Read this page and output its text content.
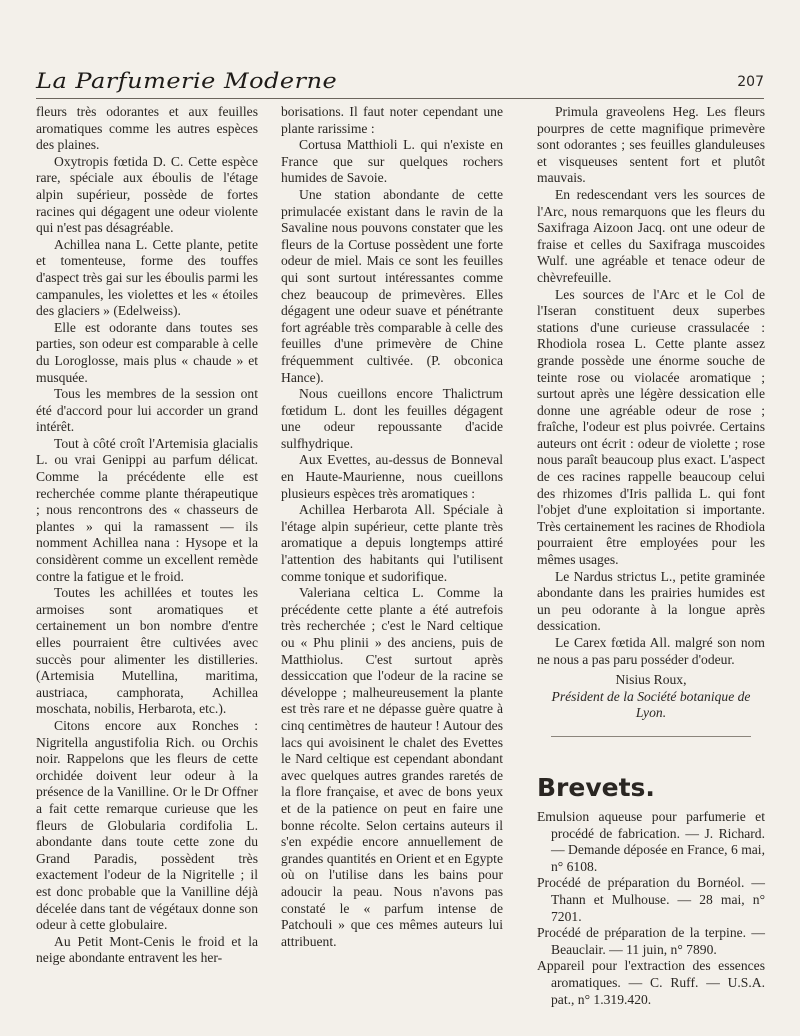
La Parfumerie Moderne	207

fleurs très odorantes et aux feuilles aromatiques comme les autres espèces des plaines.

Oxytropis fœtida D. C. Cette espèce rare, spéciale aux éboulis de l'étage alpin supérieur, possède de fortes racines qui dégagent une odeur violente qui n'est pas désagréable.

Achillea nana L. Cette plante, petite et tomenteuse, forme des touffes d'aspect très gai sur les éboulis parmi les campanules, les violettes et les « étoiles des glaciers » (Edelweiss).

Elle est odorante dans toutes ses parties, son odeur est comparable à celle du Loroglosse, mais plus « chaude » et musquée.

Tous les membres de la session ont été d'accord pour lui accorder un grand intérêt.

Tout à côté croît l'Artemisia glacialis L. ou vrai Genippi au parfum délicat. Comme la précédente elle est recherchée comme plante thérapeutique ; nous rencontrons des « chasseurs de plantes » qui la ramassent — ils nomment Achillea nana : Hysope et la considèrent comme un excellent remède contre la fatigue et le froid.

Toutes les achillées et toutes les armoises sont aromatiques et certainement un bon nombre d'entre elles pourraient être cultivées avec succès pour alimenter les distilleries. (Artemisia Mutellina, maritima, austriaca, camphorata, Achillea moschata, nobilis, Herbarota, etc.).

Citons encore aux Ronches : Nigritella angustifolia Rich. ou Orchis noir. Rappelons que les fleurs de cette orchidée doivent leur odeur à la présence de la Vanilline. Or le Dr Offner a fait cette remarque curieuse que les fleurs de Globularia cordifolia L. abondante dans toute cette zone du Grand Paradis, possèdent très exactement l'odeur de la Nigritelle ; il est donc probable que la Vanilline déjà décelée dans tant de végétaux donne son odeur à cette globulaire.

Au Petit Mont-Cenis le froid et la neige abondante entravent les her-

borisations. Il faut noter cependant une plante rarissime :

Cortusa Matthioli L. qui n'existe en France que sur quelques rochers humides de Savoie.

Une station abondante de cette primulacée existant dans le ravin de la Savaline nous pouvons constater que les fleurs de la Cortuse possèdent une forte odeur de miel. Mais ce sont les feuilles qui sont surtout intéressantes comme chez beaucoup de primevères. Elles dégagent une odeur suave et pénétrante fort agréable très comparable à celle des feuilles d'une primevère de Chine fréquemment cultivée. (P. obconica Hance).

Nous cueillons encore Thalictrum fœtidum L. dont les feuilles dégagent une odeur repoussante d'acide sulfhydrique.

Aux Evettes, au-dessus de Bonneval en Haute-Maurienne, nous cueillons plusieurs espèces très aromatiques :

Achillea Herbarota All. Spéciale à l'étage alpin supérieur, cette plante très aromatique a depuis longtemps attiré l'attention des habitants qui l'utilisent comme tonique et sudorifique.

Valeriana celtica L. Comme la précédente cette plante a été autrefois très recherchée ; c'est le Nard celtique ou « Phu plinii » des anciens, puis de Matthiolus. C'est surtout après dessiccation que l'odeur de la racine se développe ; malheureusement la plante est très rare et ne dépasse guère quatre à cinq centimètres de hauteur ! Autour des lacs qui avoisinent le chalet des Evettes le Nard celtique est cependant abondant avec quelques autres grandes raretés de la flore française, et avec de bons yeux et de la patience on peut en faire une bonne récolte. Selon certains auteurs il s'en expédie encore annuellement de grandes quantités en Orient et en Egypte où on l'utilise dans les bains pour adoucir la peau. Nous n'avons pas constaté le « parfum intense de Patchouli » que ces mêmes auteurs lui attribuent.

Primula graveolens Heg. Les fleurs pourpres de cette magnifique primevère sont odorantes ; ses feuilles glanduleuses et visqueuses sentent fort et plutôt mauvais.

En redescendant vers les sources de l'Arc, nous remarquons que les fleurs du Saxifraga Aizoon Jacq. ont une odeur de fraise et celles du Saxifraga muscoides Wulf. une agréable et tenace odeur de chèvrefeuille.

Les sources de l'Arc et le Col de l'Iseran constituent deux superbes stations d'une curieuse crassulacée : Rhodiola rosea L. Cette plante assez grande possède une énorme souche de teinte rose ou violacée aromatique ; surtout après une légère dessication elle donne une agréable odeur de rose ; fraîche, l'odeur est plus poivrée. Certains auteurs ont écrit : odeur de violette ; rose nous paraît beaucoup plus exact. L'aspect de ces racines rappelle beaucoup celui des rhizomes d'Iris pallida L. qui font l'objet d'une exploitation si importante. Très certainement les racines de Rhodiola pourraient être employées pour les mêmes usages.

Le Nardus strictus L., petite graminée abondante dans les prairies humides est un peu odorante à la longue après dessication.

Le Carex fœtida All. malgré son nom ne nous a pas paru posséder d'odeur.

Nisius Roux,

Président de la Société botanique de Lyon.

Brevets.

Emulsion aqueuse pour parfumerie et procédé de fabrication. — J. Richard. — Demande déposée en France, 6 mai, n° 6108.

Procédé de préparation du Bornéol. — Thann et Mulhouse. — 28 mai, n° 7201.

Procédé de préparation de la terpine. — Beauclair. — 11 juin, n° 7890.

Appareil pour l'extraction des essences aromatiques. — C. Ruff. — U.S.A. pat., n° 1.319.420.
